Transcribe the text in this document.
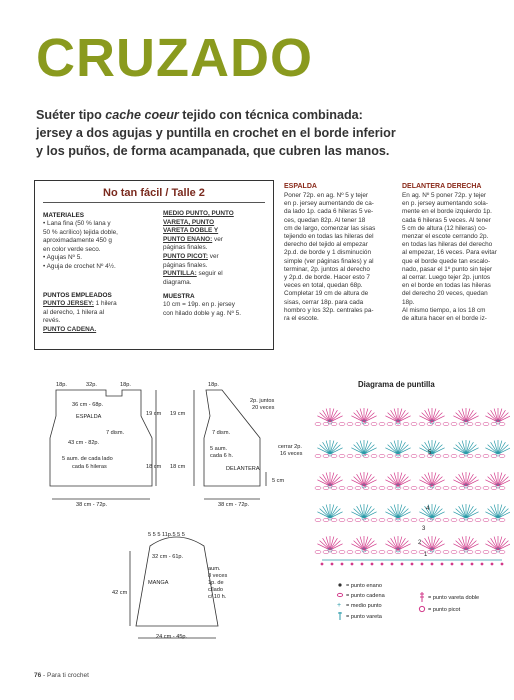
CRUZADO
Suéter tipo cache coeur tejido con técnica combinada:
jersey a dos agujas y puntilla en crochet en el borde inferior
y los puños, de forma acampanada, que cubren las manos.
No tan fácil / Talle 2
MATERIALES
• Lana fina (50 % lana y
50 % acrílico) tejida doble,
aproximadamente 450 g
en color verde seco.
• Agujas Nº 5.
• Aguja de crochet Nº 4½.
PUNTOS EMPLEADOS
PUNTO JERSEY: 1 hilera
al derecho, 1 hilera al
revés.
PUNTO CADENA.
MEDIO PUNTO, PUNTO
VARETA, PUNTO
VARETA DOBLE Y
PUNTO ENANO: ver
páginas finales.
PUNTO PICOT: ver
páginas finales.
PUNTILLA: seguir el
diagrama.
MUESTRA
10 cm = 19p. en p. jersey
con hilado doble y ag. Nº 5.
ESPALDA
Poner 72p. en ag. Nº 5 y tejer
en p. jersey aumentando de ca-
da lado 1p. cada 6 hileras 5 ve-
ces, quedan 82p. Al tener 18
cm de largo, comenzar las sisas
tejiendo en todas las hileras del
derecho del tejido al empezar
2p.d. de borde y 1 disminución
simple (ver páginas finales) y al
terminar, 2p. juntos al derecho
y 2p.d. de borde. Hacer esto 7
veces en total, quedan 68p.
Completar 19 cm de altura de
sisas, cerrar 18p. para cada
hombro y los 32p. centrales pa-
ra el escote.
DELANTERA DERECHA
En ag. Nº 5 poner 72p. y tejer
en p. jersey aumentando sola-
mente en el borde izquierdo 1p.
cada 6 hileras 5 veces. Al tener
5 cm de altura (12 hileras) co-
menzar el escote cerrando 2p.
en todas las hileras del derecho
al empezar, 16 veces. Para evitar
que el borde quede tan escalo-
nado, pasar el 1º punto sin tejer
al cerrar. Luego tejer 2p. juntos
en el borde en todas las hileras
del derecho 20 veces, quedan
18p.
Al mismo tiempo, a los 18 cm
de altura hacer en el borde iz-
18p.	32p.	18p.
36 cm - 68p.
ESPALDA
7 dism.
43 cm - 82p.
5 aum. de cada lado
cada 6 hileras
38 cm - 72p.
19 cm
18 cm
19 cm
18 cm
18p.
2p. juntos
20 veces
7 dism.
5 aum.
cada 6 h.
DELANTERA
cerrar 2p.
16 veces
5 cm
38 cm - 72p.
5 5 5 11p.5 5 5
32 cm - 61p.
MANGA
aum.
8 veces
1p. de
c/lado
c/ 10 h.
42 cm
24 cm - 45p.
Diagrama de puntilla
1
2
3
4
5
= punto enano
= punto cadena
+ = medio punto
= punto vareta
= punto vareta doble
= punto picot
76 - Para ti crochet
